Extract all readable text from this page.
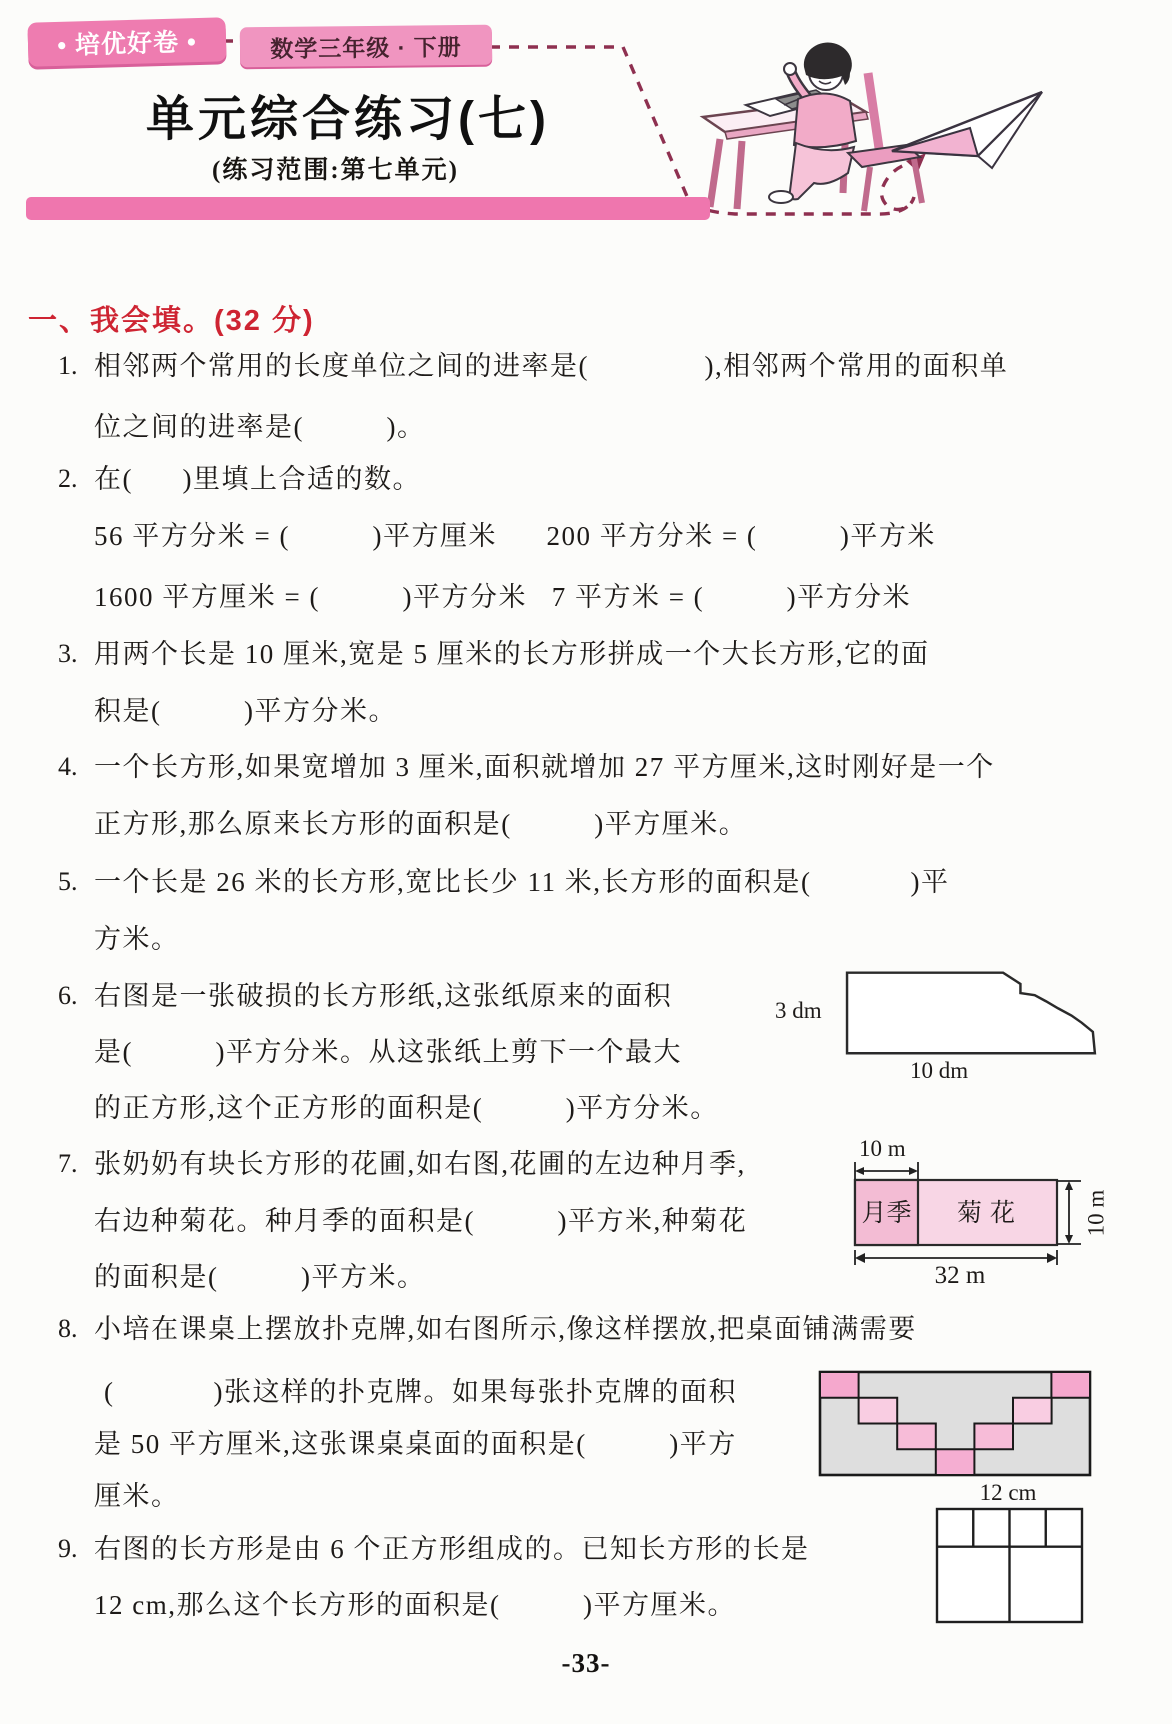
• 培优好卷 •	数学三年级 · 下册
单元综合练习(七)
(练习范围:第七单元)
一、我会填。(32 分)
1. 相邻两个常用的长度单位之间的进率是(              ),相邻两个常用的面积单
位之间的进率是(          )。
2. 在(      )里填上合适的数。
56 平方分米 = (          )平方厘米      200 平方分米 = (          )平方米
1600 平方厘米 = (          )平方分米   7 平方米 = (          )平方分米
3. 用两个长是 10 厘米,宽是 5 厘米的长方形拼成一个大长方形,它的面
积是(          )平方分米。
4. 一个长方形,如果宽增加 3 厘米,面积就增加 27 平方厘米,这时刚好是一个
正方形,那么原来长方形的面积是(          )平方厘米。
5. 一个长是 26 米的长方形,宽比长少 11 米,长方形的面积是(            )平
方米。
6. 右图是一张破损的长方形纸,这张纸原来的面积
是(          )平方分米。从这张纸上剪下一个最大
的正方形,这个正方形的面积是(          )平方分米。
7. 张奶奶有块长方形的花圃,如右图,花圃的左边种月季,
右边种菊花。种月季的面积是(          )平方米,种菊花
的面积是(          )平方米。
8. 小培在课桌上摆放扑克牌,如右图所示,像这样摆放,把桌面铺满需要
(            )张这样的扑克牌。如果每张扑克牌的面积
是 50 平方厘米,这张课桌桌面的面积是(          )平方
厘米。
9. 右图的长方形是由 6 个正方形组成的。已知长方形的长是
12 cm,那么这个长方形的面积是(          )平方厘米。
3 dm
10 dm
10 m
月季	菊花	10 m
32 m
12 cm
-33-
